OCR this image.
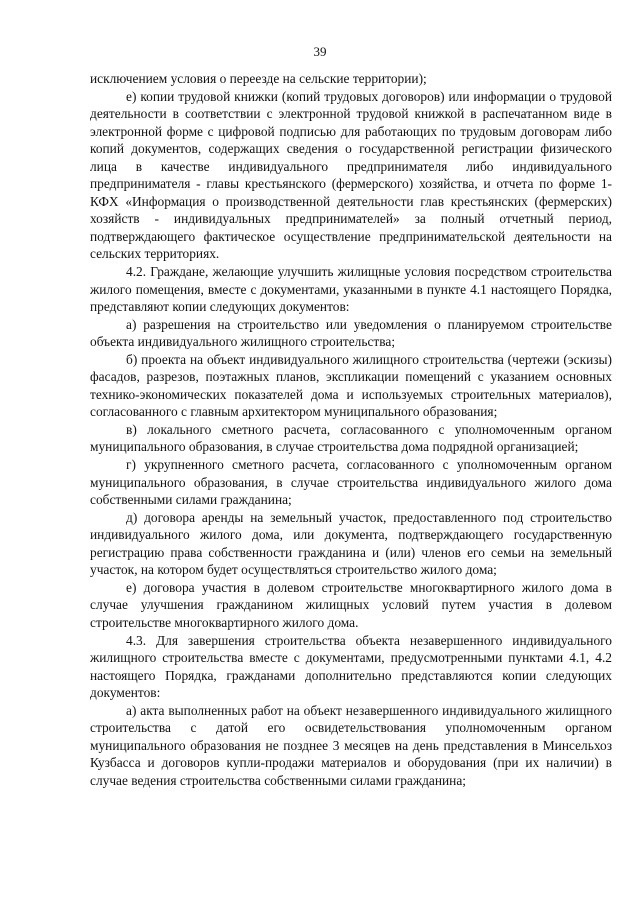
39

исключением условия о переезде на сельские территории);

е) копии трудовой книжки (копий трудовых договоров) или информации о трудовой деятельности в соответствии с электронной трудовой книжкой в распечатанном виде в электронной форме с цифровой подписью для работающих по трудовым договорам либо копий документов, содержащих сведения о государственной регистрации физического лица в качестве индивидуального предпринимателя либо индивидуального предпринимателя - главы крестьянского (фермерского) хозяйства, и отчета по форме 1-КФХ «Информация о производственной деятельности глав крестьянских (фермерских) хозяйств - индивидуальных предпринимателей» за полный отчетный период, подтверждающего фактическое осуществление предпринимательской деятельности на сельских территориях.

4.2. Граждане, желающие улучшить жилищные условия посредством строительства жилого помещения, вместе с документами, указанными в пункте 4.1 настоящего Порядка, представляют копии следующих документов:

а) разрешения на строительство или уведомления о планируемом строительстве объекта индивидуального жилищного строительства;

б) проекта на объект индивидуального жилищного строительства (чертежи (эскизы) фасадов, разрезов, поэтажных планов, экспликации помещений с указанием основных технико-экономических показателей дома и используемых строительных материалов), согласованного с главным архитектором муниципального образования;

в) локального сметного расчета, согласованного с уполномоченным органом муниципального образования, в случае строительства дома подрядной организацией;

г) укрупненного сметного расчета, согласованного с уполномоченным органом муниципального образования, в случае строительства индивидуального жилого дома собственными силами гражданина;

д) договора аренды на земельный участок, предоставленного под строительство индивидуального жилого дома, или документа, подтверждающего государственную регистрацию права собственности гражданина и (или) членов его семьи на земельный участок, на котором будет осуществляться строительство жилого дома;

е) договора участия в долевом строительстве многоквартирного жилого дома в случае улучшения гражданином жилищных условий путем участия в долевом строительстве многоквартирного жилого дома.

4.3. Для завершения строительства объекта незавершенного индивидуального жилищного строительства вместе с документами, предусмотренными пунктами 4.1, 4.2 настоящего Порядка, гражданами дополнительно представляются копии следующих документов:

а) акта выполненных работ на объект незавершенного индивидуального жилищного строительства с датой его освидетельствования уполномоченным органом муниципального образования не позднее 3 месяцев на день представления в Минсельхоз Кузбасса и договоров купли-продажи материалов и оборудования (при их наличии) в случае ведения строительства собственными силами гражданина;
